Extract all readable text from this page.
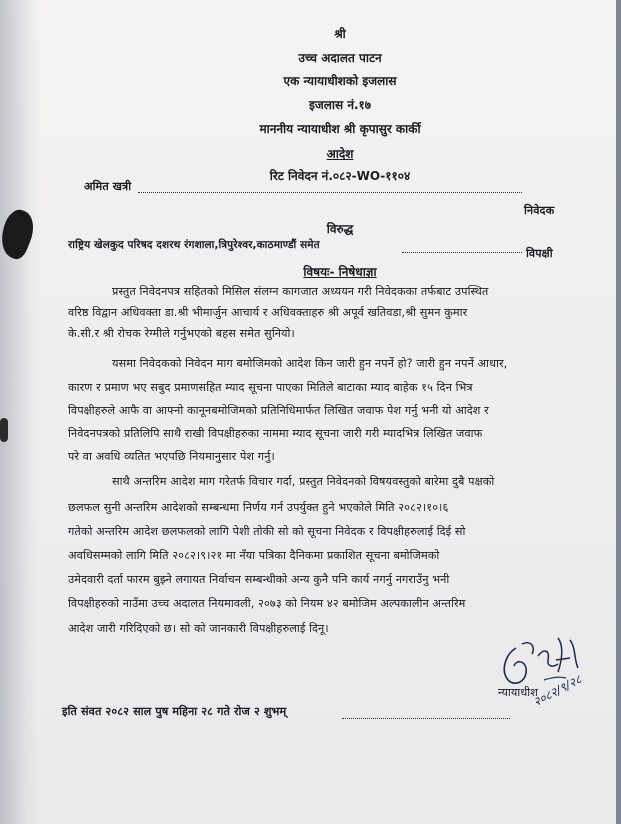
श्री
उच्च अदालत पाटन
एक न्यायाधीशको इजलास
इजलास नं.१७
माननीय न्यायाधीश श्री कृपासुर कार्की
आदेश
रिट निवेदन नं.०८२-WO-११०४
अमित खत्री
निवेदक
विरुद्ध
राष्ट्रिय खेलकुद परिषद दशरथ रंगशाला,त्रिपुरेश्वर,काठमाण्डौं समेत
विपक्षी
विषयः- निषेधाज्ञा
प्रस्तुत निवेदनपत्र सहितको मिसिल संलग्न कागजात अध्ययन गरी निवेदकका तर्फबाट उपस्थित
वरिष्ठ विद्वान अधिवक्ता डा.श्री भीमार्जुन आचार्य र अधिवक्ताहरु श्री अपूर्व खतिवडा,श्री सुमन कुमार
के.सी.र श्री रोचक रेग्मीले गर्नुभएको बहस समेत सुनियो।
यसमा निवेदकको निवेदन माग बमोजिमको आदेश किन जारी हुन नपर्ने हो? जारी हुन नपर्ने आधार,
कारण र प्रमाण भए सबुद प्रमाणसहित म्याद सूचना पाएका मितिले बाटाका म्याद बाहेक १५ दिन भित्र
विपक्षीहरुले आफै वा आफ्नो कानूनबमोजिमको प्रतिनिधिमार्फत लिखित जवाफ पेश गर्नु भनी यो आदेश र
निवेदनपत्रको प्रतिलिपि साथै राखी विपक्षीहरुका नाममा म्याद सूचना जारी गरी म्यादभित्र लिखित जवाफ
परे वा अवधि व्यतित भएपछि नियमानुसार पेश गर्नु।
साथै अन्तरिम आदेश माग गरेतर्फ विचार गर्दा, प्रस्तुत निवेदनको विषयवस्तुको बारेमा दुबै पक्षको
छलफल सुनी अन्तरिम आदेशको सम्बन्धमा निर्णय गर्न उपर्युक्त हुने भएकोले मिति २०८२।१०।६
गतेको अन्तरिम आदेश छलफलको लागि पेशी तोकी सो को सूचना निवेदक र विपक्षीहरुलाई दिई सो
अवधिसम्मको लागि मिति २०८२।९।२१ मा नँया पत्रिका दैनिकमा प्रकाशित सूचना बमोजिमको
उमेदवारी दर्ता फारम बुझ्ने लगायत निर्वाचन सम्बन्धीको अन्य कुनै पनि कार्य नगर्नु नगराउँनु भनी
विपक्षीहरुको नाउँमा उच्च अदालत नियमावली, २०७३ को नियम ४२ बमोजिम अल्पकालीन अन्तरिम
आदेश जारी गरिदिएको छ। सो को जानकारी विपक्षीहरुलाई दिनू।
न्यायाधीश
२०८२/९/२८
इति संवत २०८२ साल पुष महिना २८ गते रोज २ शुभम्
